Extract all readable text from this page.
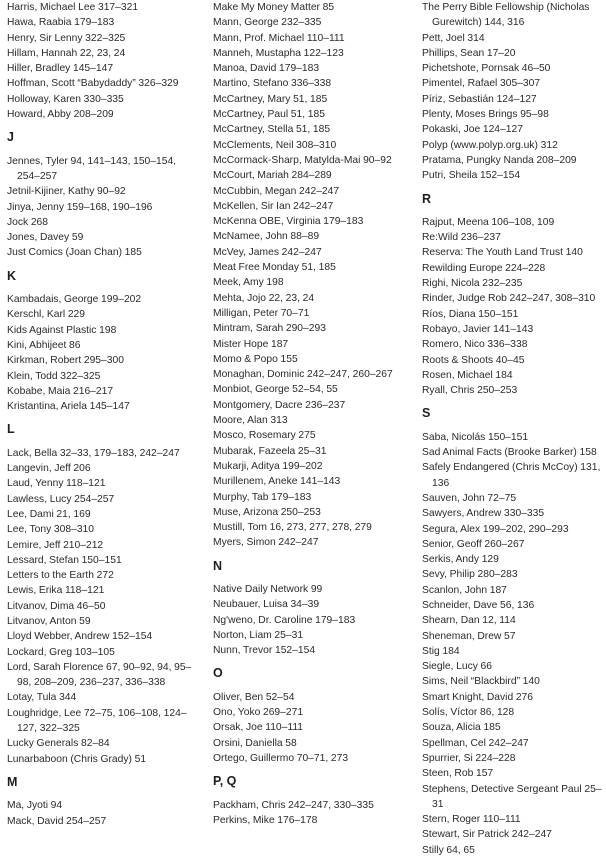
Harris, Michael Lee 317–321
Hawa, Raabia 179–183
Henry, Sir Lenny 322–325
Hillam, Hannah 22, 23, 24
Hiller, Bradley 145–147
Hoffman, Scott “Babydaddy” 326–329
Holloway, Karen 330–335
Howard, Abby 208–209
J
Jennes, Tyler 94, 141–143, 150–154, 254–257
Jetnil-Kijiner, Kathy 90–92
Jinya, Jenny 159–168, 190–196
Jock 268
Jones, Davey 59
Just Comics (Joan Chan) 185
K
Kambadais, George 199–202
Kerschl, Karl 229
Kids Against Plastic 198
Kini, Abhijeet 86
Kirkman, Robert 295–300
Klein, Todd 322–325
Kobabe, Maia 216–217
Kristantina, Ariela 145–147
L
Lack, Bella 32–33, 179–183, 242–247
Langevin, Jeff 206
Laud, Yenny 118–121
Lawless, Lucy 254–257
Lee, Dami 21, 169
Lee, Tony 308–310
Lemire, Jeff 210–212
Lessard, Stefan 150–151
Letters to the Earth 272
Lewis, Erika 118–121
Litvanov, Dima 46–50
Litvanov, Anton 59
Lloyd Webber, Andrew 152–154
Lockard, Greg 103–105
Lord, Sarah Florence 67, 90–92, 94, 95–98, 208–209, 236–237, 336–338
Lotay, Tula 344
Loughridge, Lee 72–75, 106–108, 124–127, 322–325
Lucky Generals 82–84
Lunarbaboon (Chris Grady) 51
M
Ma, Jyoti 94
Mack, David 254–257
Make My Money Matter 85
Mann, George 232–335
Mann, Prof. Michael 110–111
Manneh, Mustapha 122–123
Manoa, David 179–183
Martino, Stefano 336–338
McCartney, Mary 51, 185
McCartney, Paul 51, 185
McCartney, Stella 51, 185
McClements, Neil 308–310
McCormack-Sharp, Matylda-Mai 90–92
McCourt, Mariah 284–289
McCubbin, Megan 242–247
McKellen, Sir Ian 242–247
McKenna OBE, Virginia 179–183
McNamee, John 88–89
McVey, James 242–247
Meat Free Monday 51, 185
Meek, Amy 198
Mehta, Jojo 22, 23, 24
Milligan, Peter 70–71
Mintram, Sarah 290–293
Mister Hope 187
Momo & Popo 155
Monaghan, Dominic 242–247, 260–267
Monbiot, George 52–54, 55
Montgomery, Dacre 236–237
Moore, Alan 313
Mosco, Rosemary 275
Mubarak, Fazeela 25–31
Mukarji, Aditya 199–202
Murillenem, Aneke 141–143
Murphy, Tab 179–183
Muse, Arizona 250–253
Mustill, Tom 16, 273, 277, 278, 279
Myers, Simon 242–247
N
Native Daily Network 99
Neubauer, Luisa 34–39
Ng'weno, Dr. Caroline 179–183
Norton, Liam 25–31
Nunn, Trevor 152–154
O
Oliver, Ben 52–54
Ono, Yoko 269–271
Orsak, Joe 110–111
Orsini, Daniella 58
Ortego, Guillermo 70–71, 273
P, Q
Packham, Chris 242–247, 330–335
Perkins, Mike 176–178
The Perry Bible Fellowship (Nicholas Gurewitch) 144, 316
Pett, Joel 314
Phillips, Sean 17–20
Pichetshote, Pornsak 46–50
Pimentel, Rafael 305–307
Píriz, Sebastián 124–127
Plenty, Moses Brings 95–98
Pokaski, Joe 124–127
Polyp (www.polyp.org.uk) 312
Pratama, Pungky Nanda 208–209
Putri, Sheila 152–154
R
Rajput, Meena 106–108, 109
Re:Wild 236–237
Reserva: The Youth Land Trust 140
Rewilding Europe 224–228
Righi, Nicola 232–235
Rinder, Judge Rob 242–247, 308–310
Ríos, Diana 150–151
Robayo, Javier 141–143
Romero, Nico 336–338
Roots & Shoots 40–45
Rosen, Michael 184
Ryall, Chris 250–253
S
Saba, Nicolás 150–151
Sad Animal Facts (Brooke Barker) 158
Safely Endangered (Chris McCoy) 131, 136
Sauven, John 72–75
Sawyers, Andrew 330–335
Segura, Alex 199–202, 290–293
Senior, Geoff 260–267
Serkis, Andy 129
Sevy, Philip 280–283
Scanlon, John 187
Schneider, Dave 56, 136
Shearn, Dan 12, 114
Sheneman, Drew 57
Stig 184
Siegle, Lucy 66
Sims, Neil “Blackbird” 140
Smart Knight, David 276
Solís, Víctor 86, 128
Souza, Alicia 185
Spellman, Cel 242–247
Spurrier, Si 224–228
Steen, Rob 157
Stephens, Detective Sergeant Paul 25–31
Stern, Roger 110–111
Stewart, Sir Patrick 242–247
Stilly 64, 65
